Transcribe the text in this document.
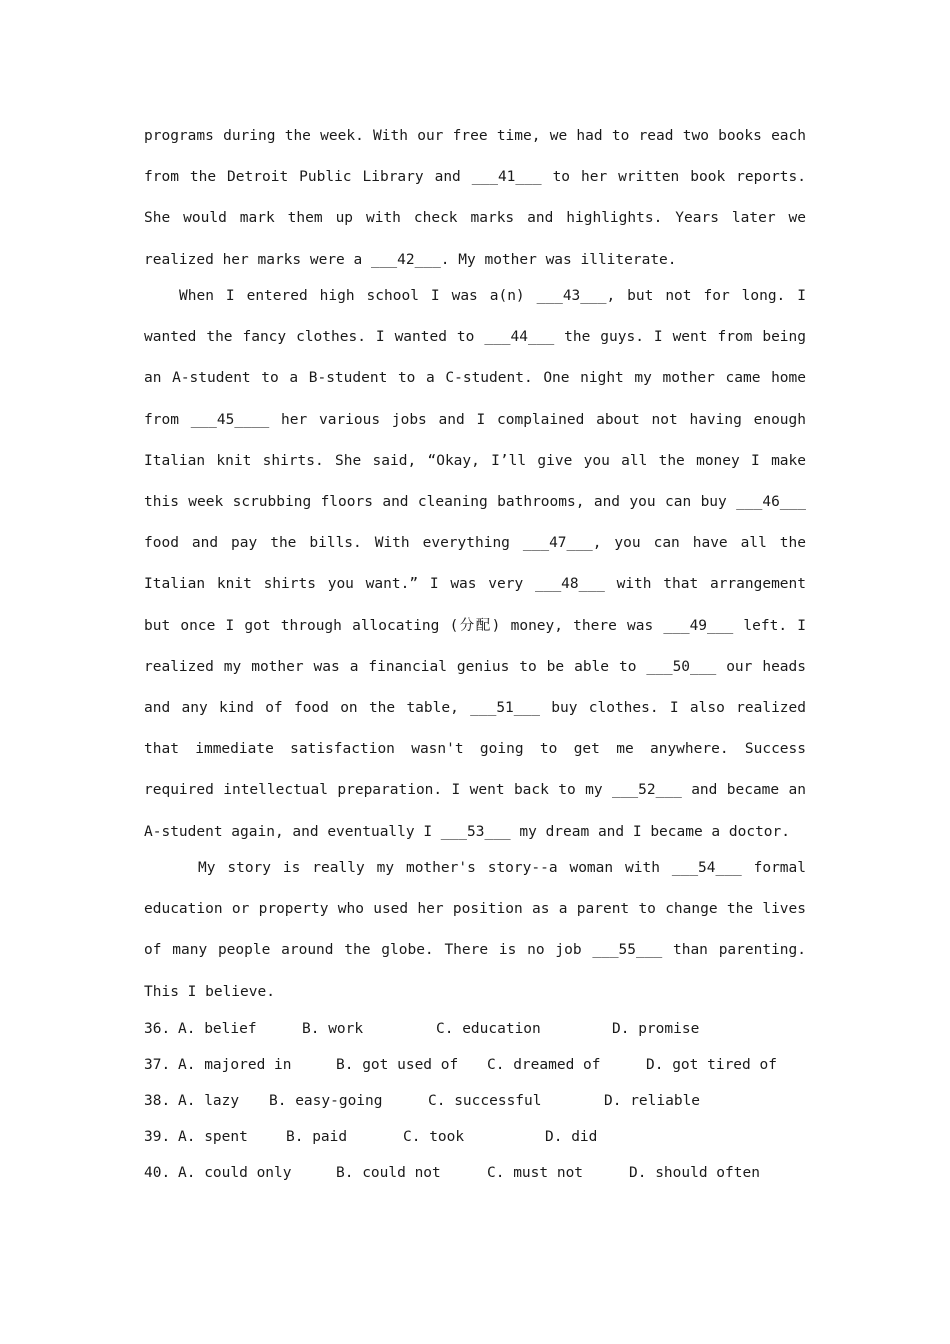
programs during the week. With our free time, we had to read two books each from the Detroit Public Library and ___41___ to her written book reports. She would mark them up with check marks and highlights. Years later we realized her marks were a ___42___. My mother was illiterate.

When I entered high school I was a(n) ___43___, but not for long. I wanted the fancy clothes. I wanted to ___44___ the guys. I went from being an A-student to a B-student to a C-student. One night my mother came home from ___45____ her various jobs and I complained about not having enough Italian knit shirts. She said, “Okay, I’ll give you all the money I make this week scrubbing floors and cleaning bathrooms, and you can buy ___46___ food and pay the bills. With everything ___47___, you can have all the Italian knit shirts you want.” I was very ___48___ with that arrangement but once I got through allocating (分配) money, there was ___49___ left. I realized my mother was a financial genius to be able to ___50___ our heads and any kind of food on the table, ___51___ buy clothes. I also realized that immediate satisfaction wasn't going to get me anywhere. Success required intellectual preparation. I went back to my ___52___ and became an A-student again, and eventually I ___53___ my dream and I became a doctor.

My story is really my mother's story--a woman with ___54___ formal education or property who used her position as a parent to change the lives of many people around the globe. There is no job ___55___ than parenting. This I believe.

36. A. belief	B. work	C. education	D. promise
37. A. majored in	B. got used of C. dreamed of	D. got tired of
38. A. lazy B. easy-going	C. successful	D. reliable
39. A. spent	B. paid	C. took	D. did
40. A. could only	B. could not	C. must not	D. should often
